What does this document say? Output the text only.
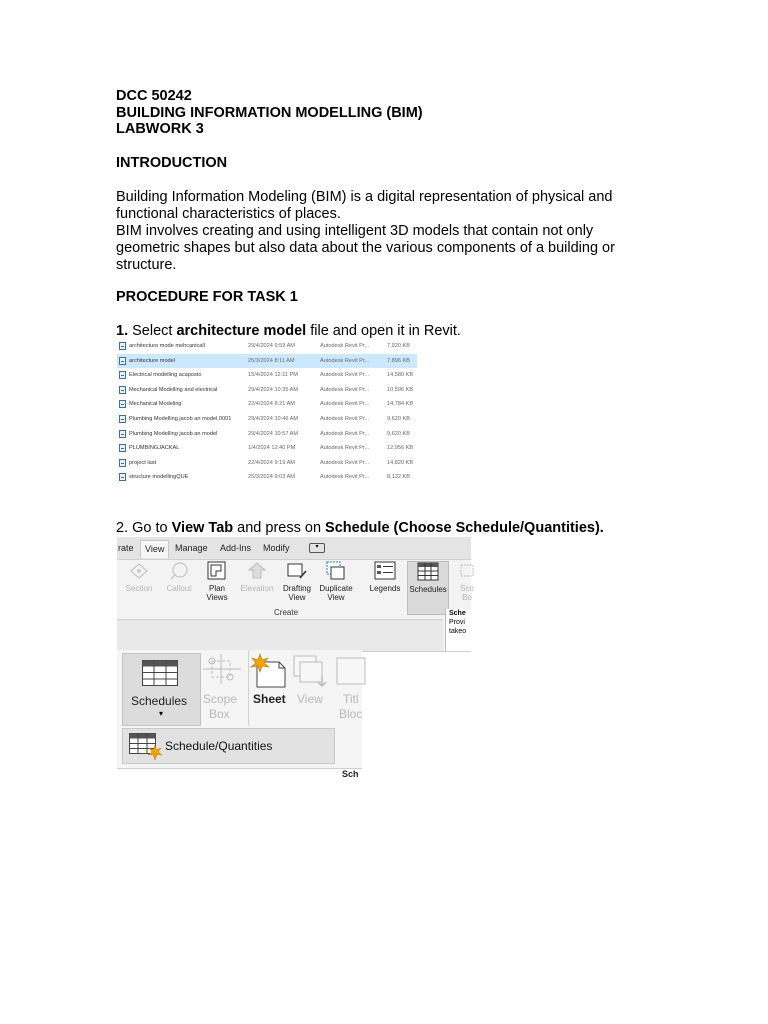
DCC 50242
BUILDING INFORMATION MODELLING (BIM)
LABWORK 3
INTRODUCTION
Building Information Modeling (BIM) is a digital representation of physical and
functional characteristics of places.
BIM involves creating and using intelligent 3D models that contain not only
geometric shapes but also data about the various components of a building or
structure.
PROCEDURE FOR TASK 1
1. Select architecture model file and open it in Revit.
architecture mode mehcanicall	29/4/2024 9:59 AM	Autodesk Revit Pr...	7,920 KB
architecture model	25/3/2024 8:11 AM	Autodesk Revit Pr...	7,896 KB
Electrical modelling acaposto	15/4/2024 12:11 PM	Autodesk Revit Pr...	14,580 KB
Mechanical Modelling and electrical	29/4/2024 10:35 AM	Autodesk Revit Pr...	10,596 KB
Mechanical Modeling	22/4/2024 8:21 AM	Autodesk Revit Pr...	14,784 KB
Plumbing Modelling jacob an model.0001	29/4/2024 10:46 AM	Autodesk Revit Pr...	9,620 KB
Plumbing Modelling jacob an model	29/4/2024 10:57 AM	Autodesk Revit Pr...	9,620 KB
PLUMBINGJACKAL	1/4/2024 12:40 PM	Autodesk Revit Pr...	12,956 KB
project last	22/4/2024 9:19 AM	Autodesk Revit Pr...	14,820 KB
structure modellingQUE	25/3/2024 9:03 AM	Autodesk Revit Pr...	8,132 KB
2. Go to View Tab and press on Schedule (Choose Schedule/Quantities).
rate	View	Manage Add-Ins Modify	▾
Section	Callout	Plan
Views
Elevation	Drafting
View
Duplicate
View
Legends	Schedules	Sco
Bo
Create	Sche
Provi
takeo
Schedules
▾
Scope
Box
Sheet View Titl
Bloc
Schedule/Quantities
Sch
